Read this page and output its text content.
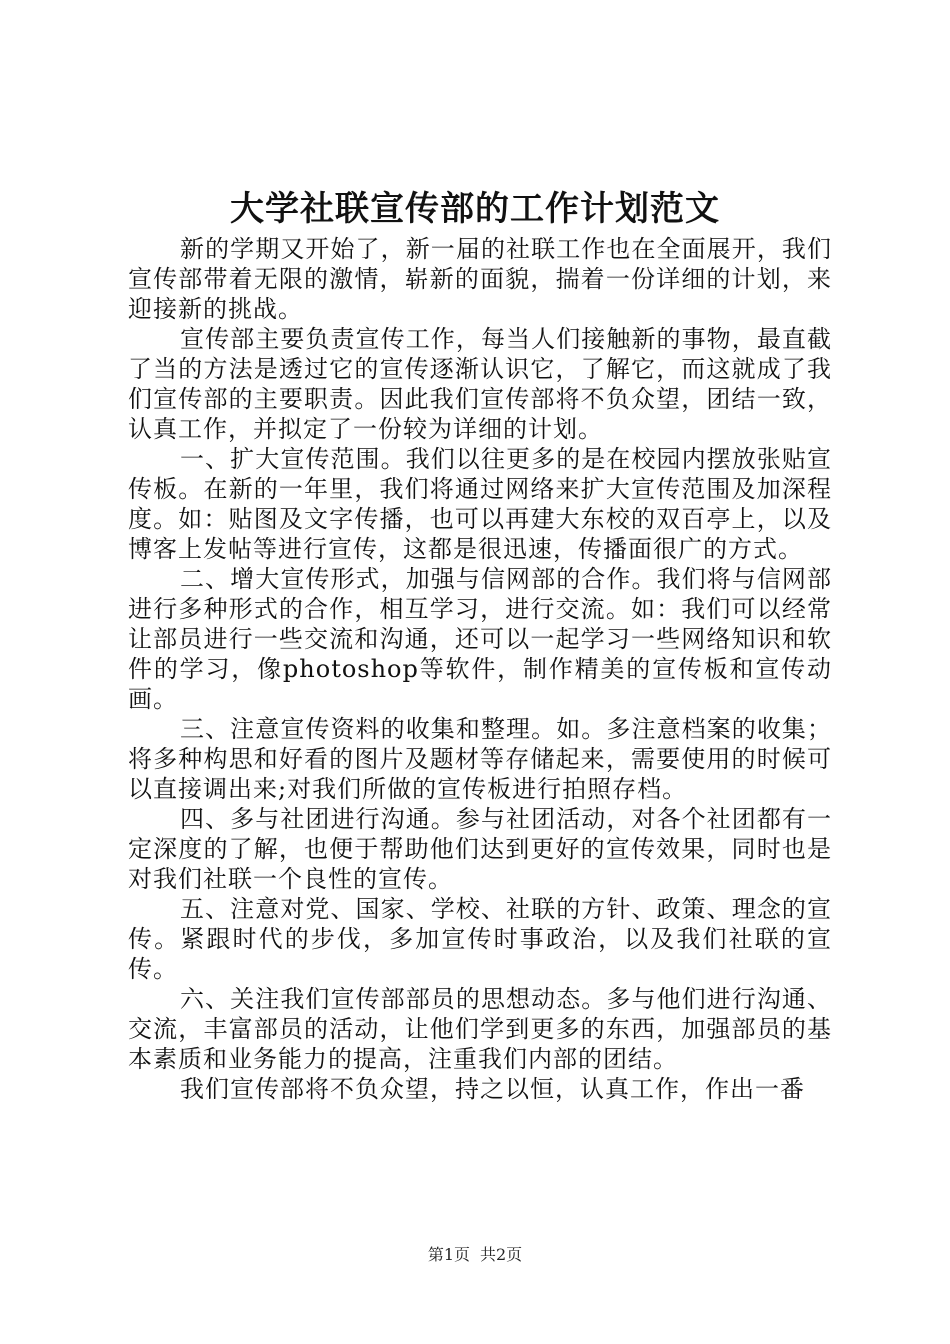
大学社联宣传部的工作计划范文

新的学期又开始了，新一届的社联工作也在全面展开，我们宣传部带着无限的激情，崭新的面貌，揣着一份详细的计划，来迎接新的挑战。

宣传部主要负责宣传工作，每当人们接触新的事物，最直截了当的方法是透过它的宣传逐渐认识它，了解它，而这就成了我们宣传部的主要职责。因此我们宣传部将不负众望，团结一致，认真工作，并拟定了一份较为详细的计划。

一、扩大宣传范围。我们以往更多的是在校园内摆放张贴宣传板。在新的一年里，我们将通过网络来扩大宣传范围及加深程度。如：贴图及文字传播，也可以再建大东校的双百亭上，以及博客上发帖等进行宣传，这都是很迅速，传播面很广的方式。

二、增大宣传形式，加强与信网部的合作。我们将与信网部进行多种形式的合作，相互学习，进行交流。如：我们可以经常让部员进行一些交流和沟通，还可以一起学习一些网络知识和软件的学习，像photoshop等软件，制作精美的宣传板和宣传动画。

三、注意宣传资料的收集和整理。如。多注意档案的收集；将多种构思和好看的图片及题材等存储起来，需要使用的时候可以直接调出来;对我们所做的宣传板进行拍照存档。

四、多与社团进行沟通。参与社团活动，对各个社团都有一定深度的了解，也便于帮助他们达到更好的宣传效果，同时也是对我们社联一个良性的宣传。

五、注意对党、国家、学校、社联的方针、政策、理念的宣传。紧跟时代的步伐，多加宣传时事政治，以及我们社联的宣传。

六、关注我们宣传部部员的思想动态。多与他们进行沟通、交流，丰富部员的活动，让他们学到更多的东西，加强部员的基本素质和业务能力的提高，注重我们内部的团结。

我们宣传部将不负众望，持之以恒，认真工作，作出一番

第1页 共2页
